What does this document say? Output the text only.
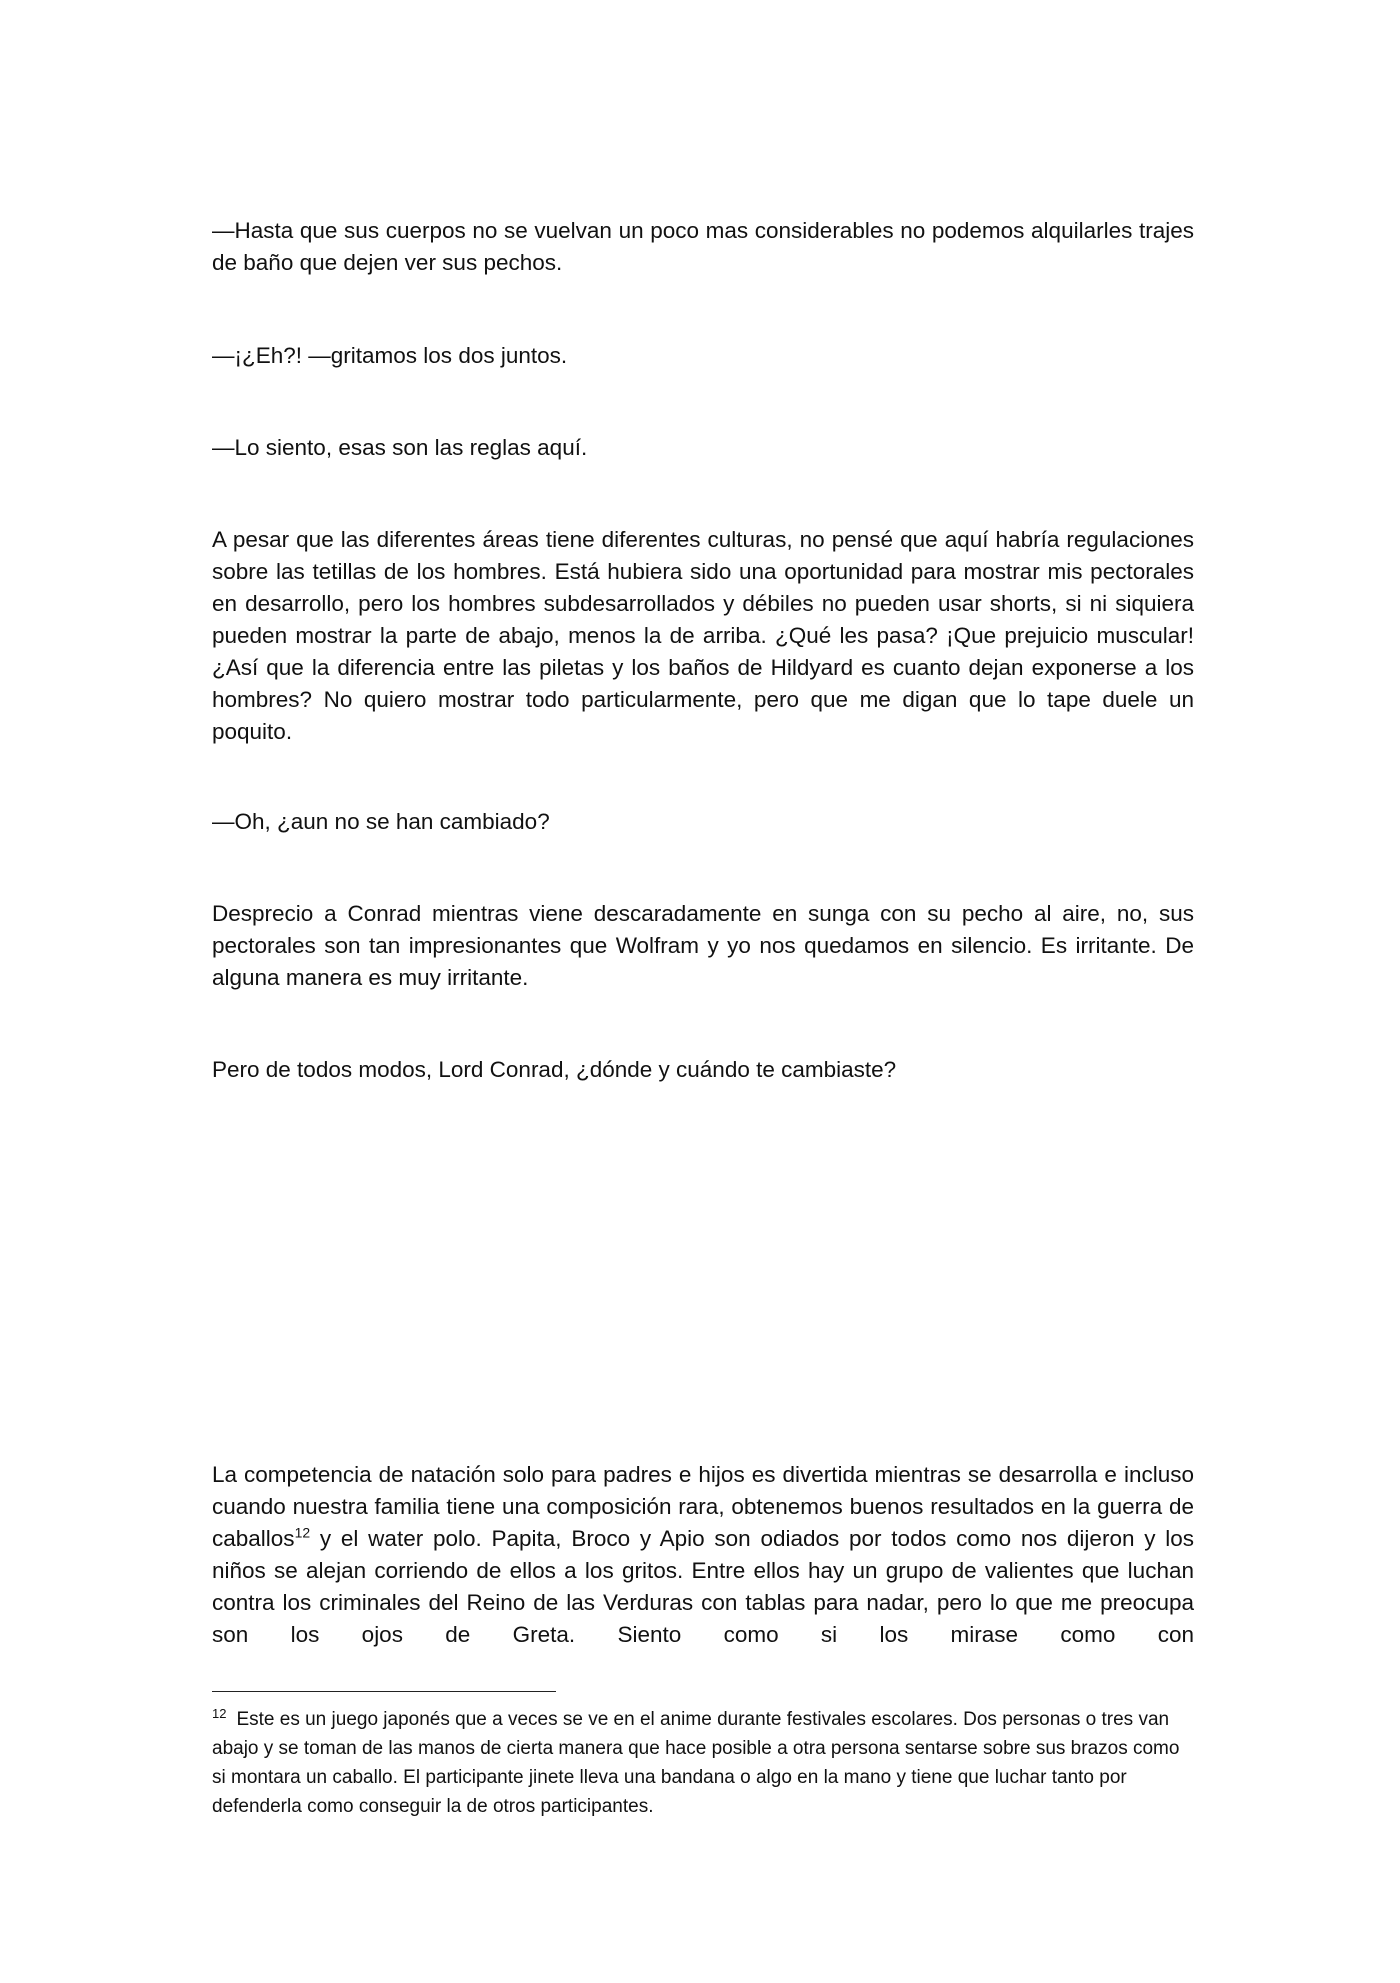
—Hasta que sus cuerpos no se vuelvan un poco mas considerables no podemos alquilarles trajes de baño que dejen ver sus pechos.

—¡¿Eh?! —gritamos los dos juntos.

—Lo siento, esas son las reglas aquí.

A pesar que las diferentes áreas tiene diferentes culturas, no pensé que aquí habría regulaciones sobre las tetillas de los hombres. Está hubiera sido una oportunidad para mostrar mis pectorales en desarrollo, pero los hombres subdesarrollados y débiles no pueden usar shorts, si ni siquiera pueden mostrar la parte de abajo, menos la de arriba. ¿Qué les pasa? ¡Que prejuicio muscular! ¿Así que la diferencia entre las piletas y los baños de Hildyard es cuanto dejan exponerse a los hombres? No quiero mostrar todo particularmente, pero que me digan que lo tape duele un poquito.

—Oh, ¿aun no se han cambiado?

Desprecio a Conrad mientras viene descaradamente en sunga con su pecho al aire, no, sus pectorales son tan impresionantes que Wolfram y yo nos quedamos en silencio. Es irritante. De alguna manera es muy irritante.

Pero de todos modos, Lord Conrad, ¿dónde y cuándo te cambiaste?

La competencia de natación solo para padres e hijos es divertida mientras se desarrolla e incluso cuando nuestra familia tiene una composición rara, obtenemos buenos resultados en la guerra de caballos$^{12}$ y el water polo. Papita, Broco y Apio son odiados por todos como nos dijeron y los niños se alejan corriendo de ellos a los gritos. Entre ellos hay un grupo de valientes que luchan contra los criminales del Reino de las Verduras con tablas para nadar, pero lo que me preocupa son los ojos de Greta. Siento como si los mirase como con

$^{12}$ Este es un juego japonés que a veces se ve en el anime durante festivales escolares. Dos personas o tres van abajo y se toman de las manos de cierta manera que hace posible a otra persona sentarse sobre sus brazos como si montara un caballo. El participante jinete lleva una bandana o algo en la mano y tiene que luchar tanto por defenderla como conseguir la de otros participantes.
